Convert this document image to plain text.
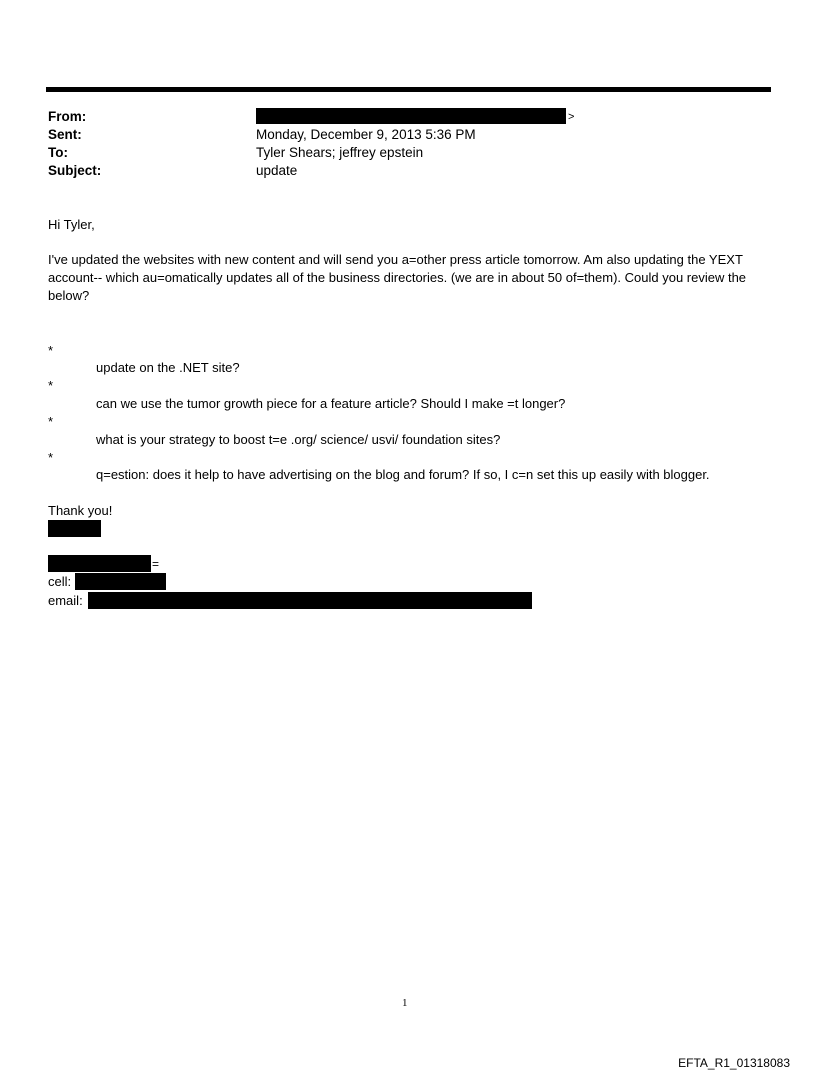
From:	>
Sent:	Monday, December 9, 2013 5:36 PM
To:	Tyler Shears; jeffrey epstein
Subject:	update
Hi Tyler,
I've updated the websites with new content and will send you a=other press article tomorrow. Am also updating the YEXT account-- which au=omatically updates all of the business directories. (we are in about 50 of=them). Could you review the below?
*
update on the .NET site?
*
can we use the tumor growth piece for a feature article? Should I make =t longer?
*
what is your strategy to boost t=e .org/ science/ usvi/ foundation sites?
*
q=estion: does it help to have advertising on the blog and forum? If so, I c=n set this up easily with blogger.
Thank you!
=
cell:
email:
1
EFTA_R1_01318083
